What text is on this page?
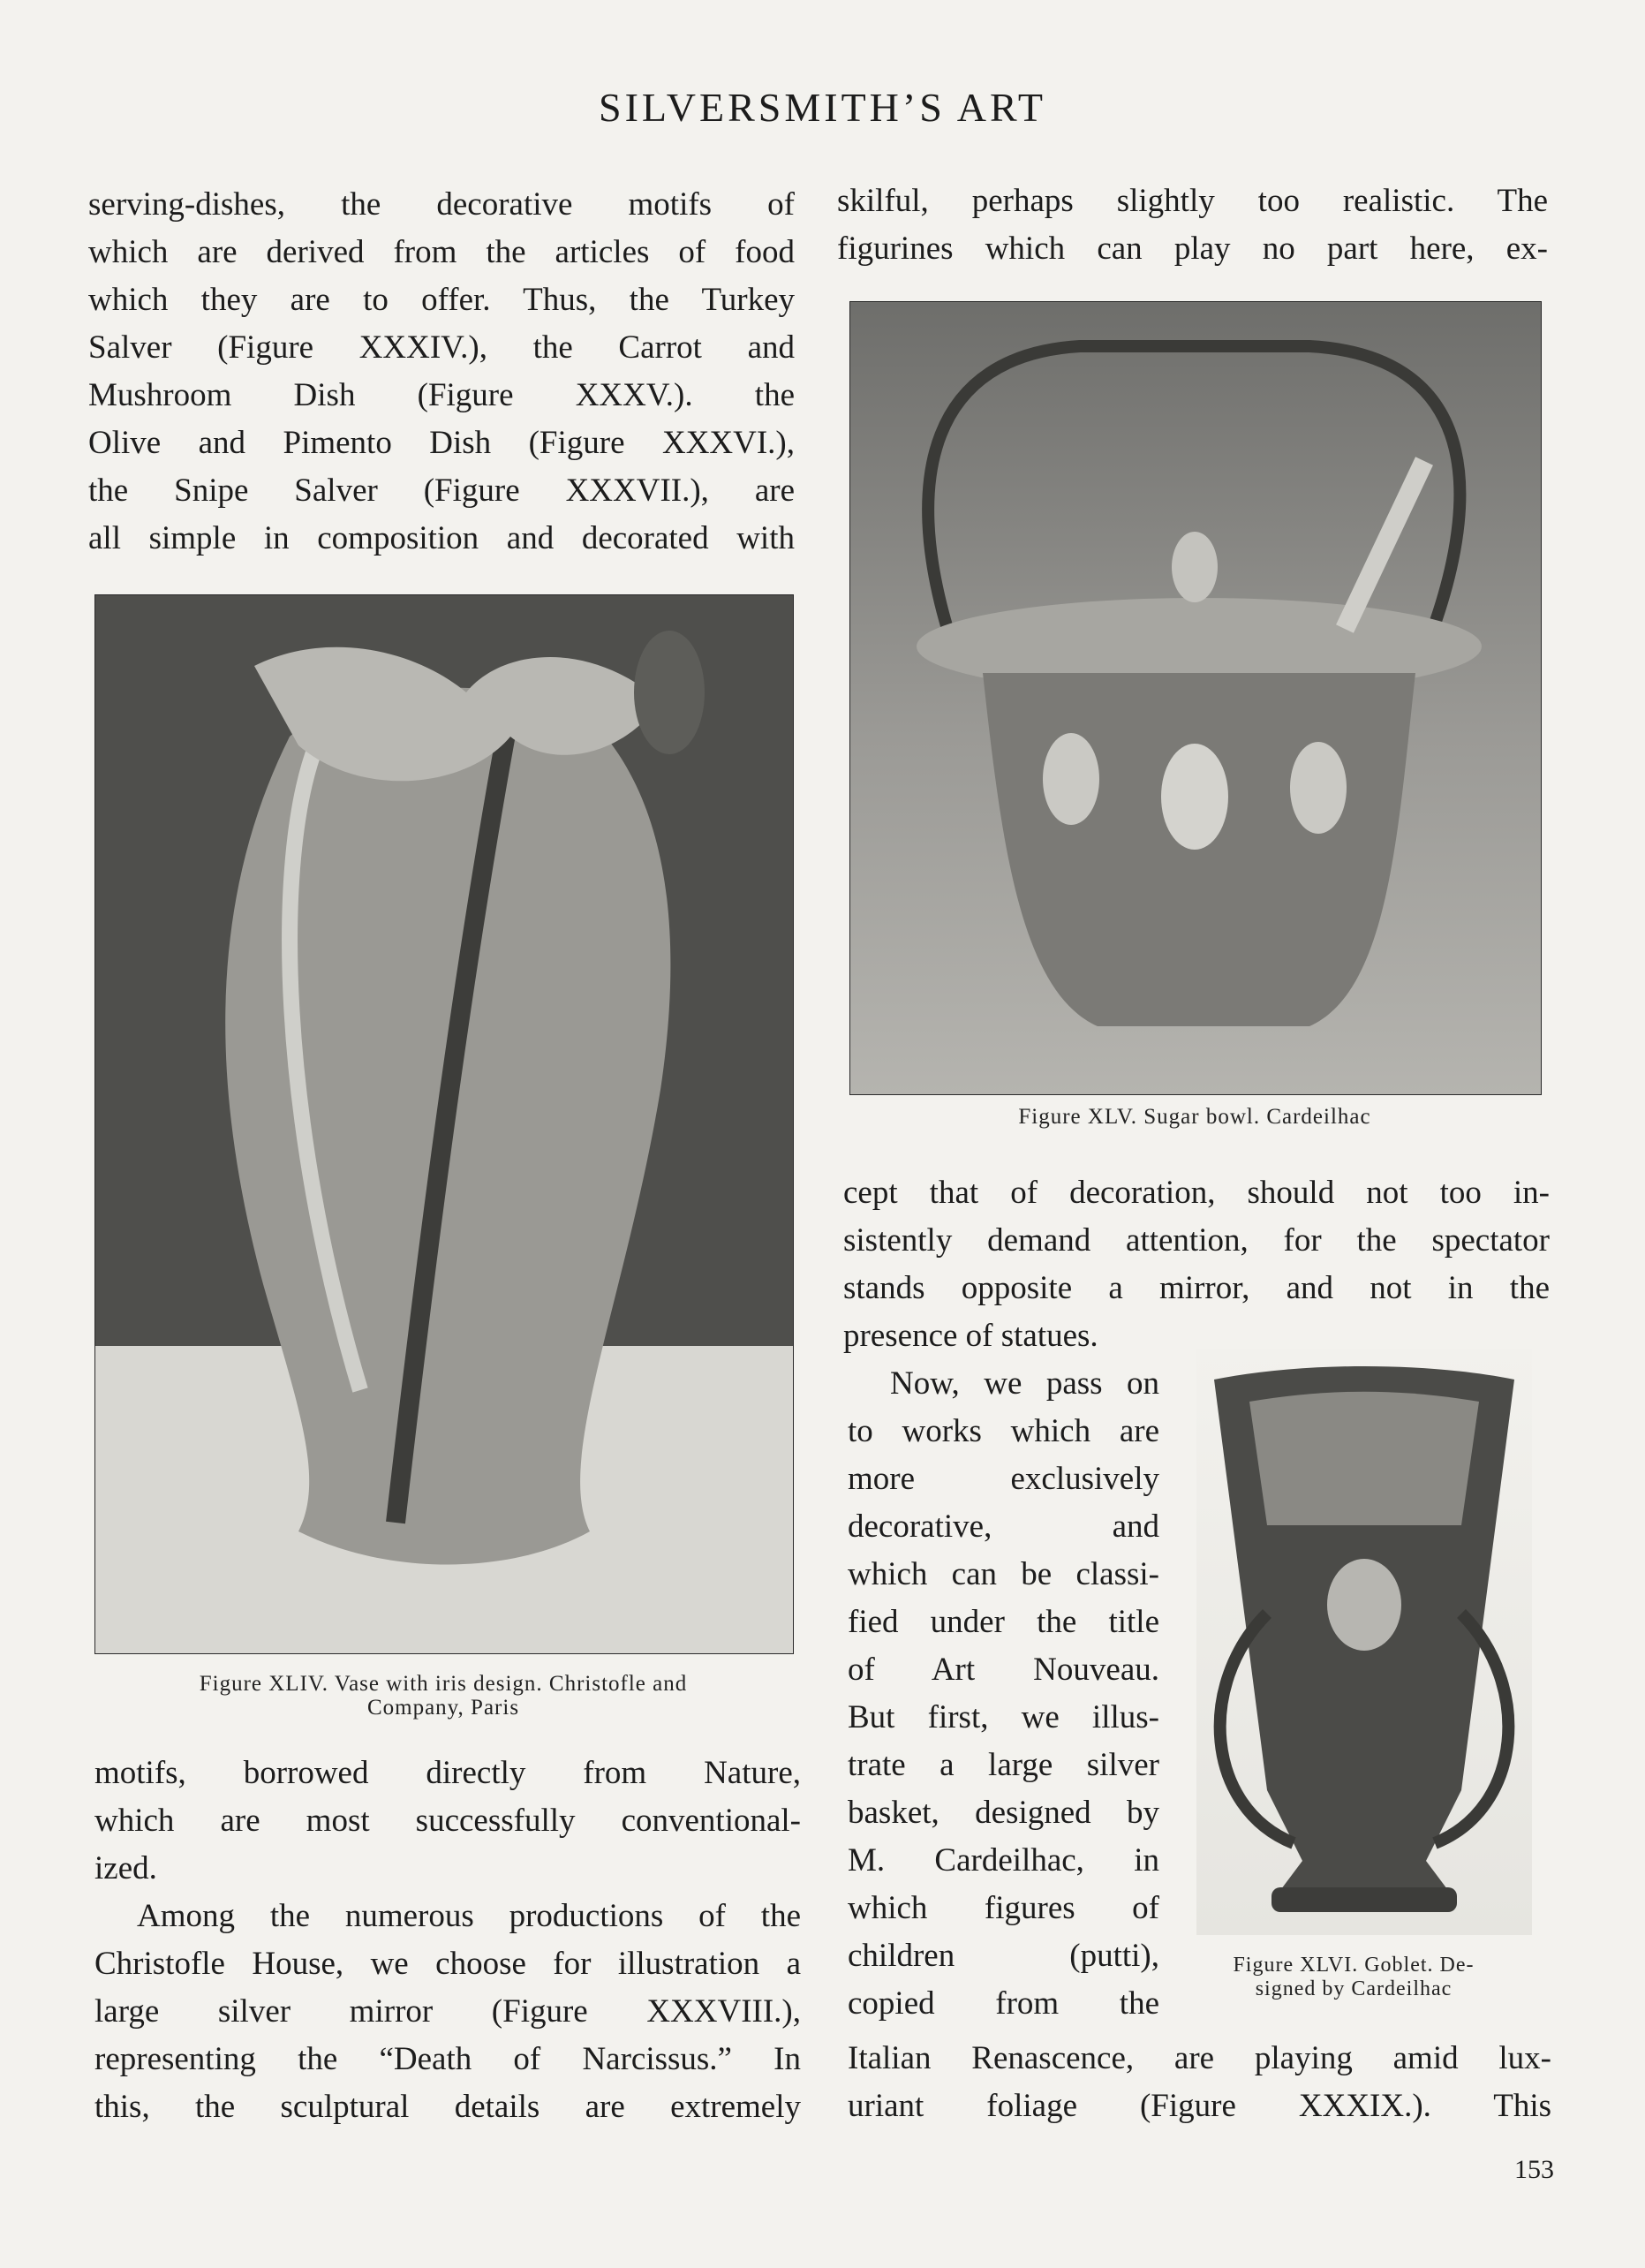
SILVERSMITH’S ART

serving-dishes, the decorative motifs of

which are derived from the articles of food

which they are to offer. Thus, the Turkey

Salver (Figure XXXIV.), the Carrot and

Mushroom Dish (Figure XXXV.). the

Olive and Pimento Dish (Figure XXXVI.),

the Snipe Salver (Figure XXXVII.), are

all simple in composition and decorated with

Figure XLIV. Vase with iris design. Christofle and
Company, Paris

motifs, borrowed directly from Nature,

which are most successfully conventional-

ized.

Among the numerous productions of the

Christofle House, we choose for illustration a

large silver mirror (Figure XXXVIII.),

representing the “Death of Narcissus.” In

this, the sculptural details are extremely

skilful, perhaps slightly too realistic. The

figurines which can play no part here, ex-

Figure XLV. Sugar bowl. Cardeilhac

cept that of decoration, should not too in-

sistently demand attention, for the spectator

stands opposite a mirror, and not in the

presence of statues.

Now, we pass on

to works which are

more exclusively

decorative, and

which can be classi-

fied under the title

of Art Nouveau.

But first, we illus-

trate a large silver

basket, designed by

M. Cardeilhac, in

which figures of

children (putti),

copied from the

Figure XLVI. Goblet. De-
signed by Cardeilhac

Italian Renascence, are playing amid lux-

uriant foliage (Figure XXXIX.). This

153
